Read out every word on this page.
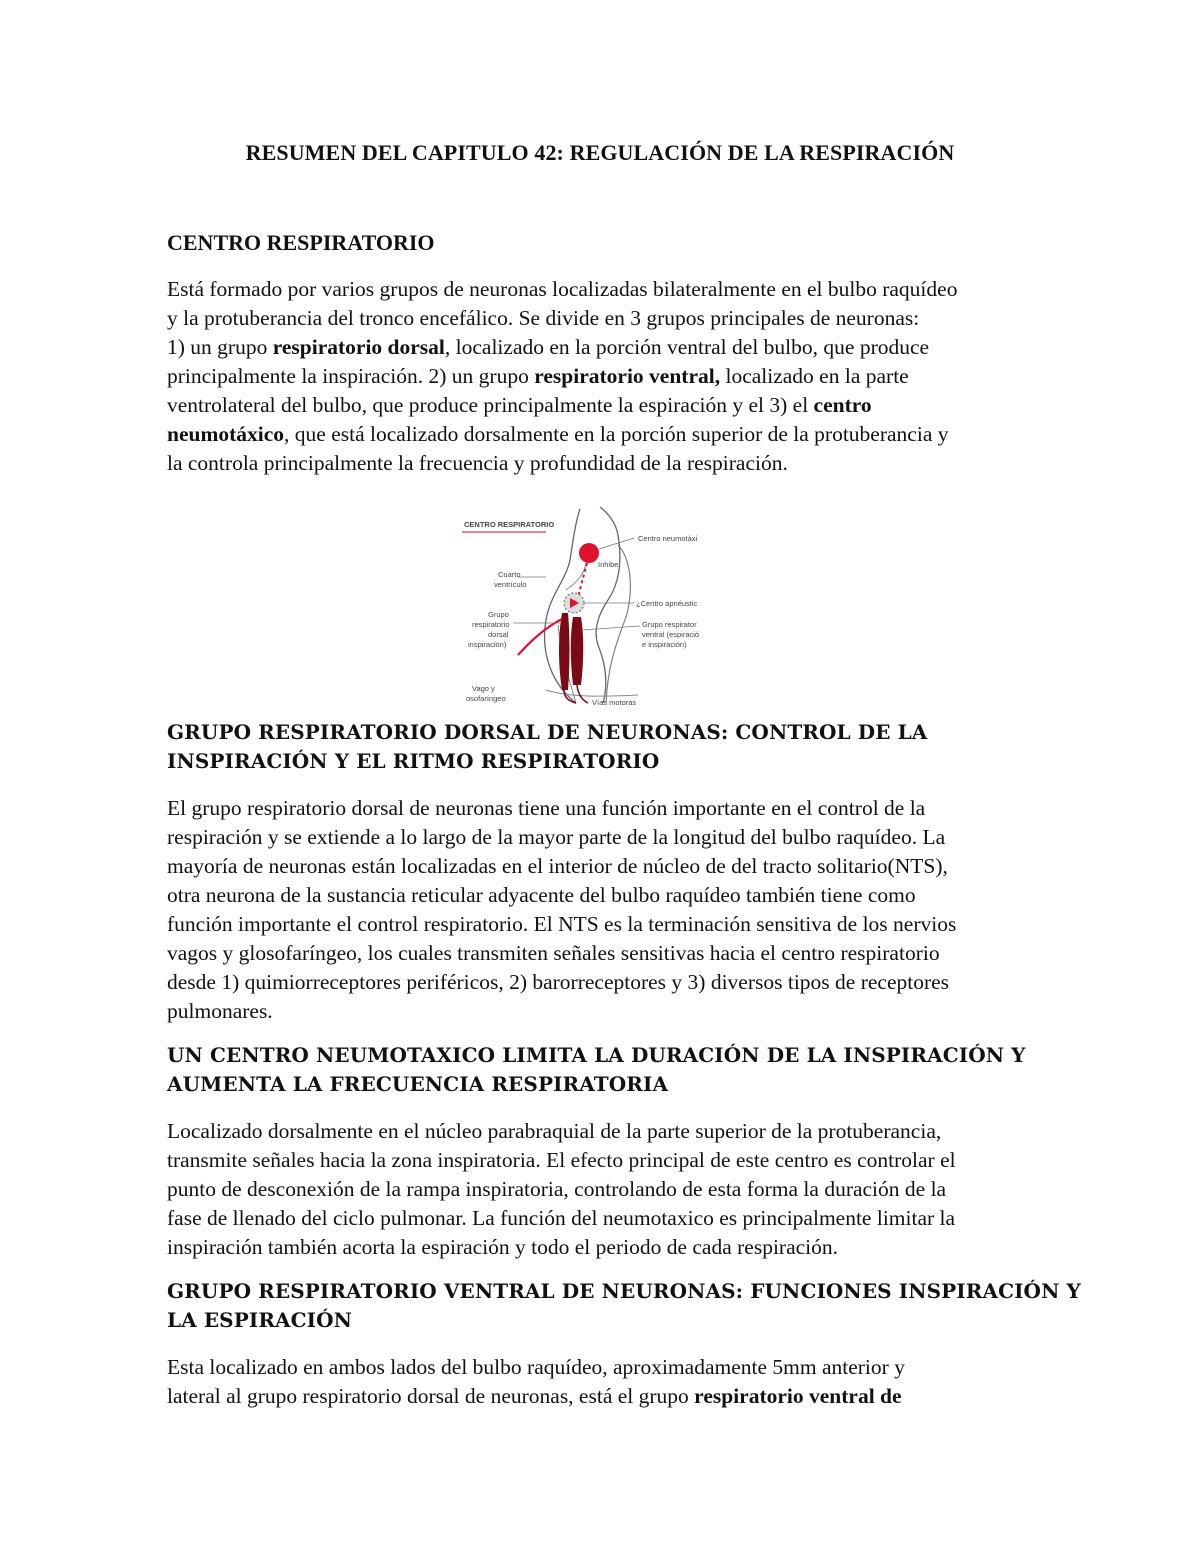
RESUMEN DEL CAPITULO 42: REGULACIÓN DE LA RESPIRACIÓN
CENTRO RESPIRATORIO

Está formado por varios grupos de neuronas localizadas bilateralmente en el bulbo raquídeo
y la protuberancia del tronco encefálico. Se divide en 3 grupos principales de neuronas:
1) un grupo respiratorio dorsal, localizado en la porción ventral del bulbo, que produce
principalmente la inspiración. 2) un grupo respiratorio ventral, localizado en la parte
ventrolateral del bulbo, que produce principalmente la espiración y el 3) el centro
neumotáxico, que está localizado dorsalmente en la porción superior de la protuberancia y
la controla principalmente la frecuencia y profundidad de la respiración.

CENTRO RESPIRATORIO
Centro neumotáxi
Inhibe
Cuarto
ventrículo
¿Centro apnéustic
Grupo
respiratorio
dorsal
inspiración)
Grupo respirator
ventral (espiració
e inspiración)
Vago y
osofaríngeo	Vías motoras
GRUPO RESPIRATORIO DORSAL DE NEURONAS: CONTROL DE LA
INSPIRACIÓN Y EL RITMO RESPIRATORIO

El grupo respiratorio dorsal de neuronas tiene una función importante en el control de la
respiración y se extiende a lo largo de la mayor parte de la longitud del bulbo raquídeo. La
mayoría de neuronas están localizadas en el interior de núcleo de del tracto solitario(NTS),
otra neurona de la sustancia reticular adyacente del bulbo raquídeo también tiene como
función importante el control respiratorio. El NTS es la terminación sensitiva de los nervios
vagos y glosofaríngeo, los cuales transmiten señales sensitivas hacia el centro respiratorio
desde 1) quimiorreceptores periféricos, 2) barorreceptores y 3) diversos tipos de receptores
pulmonares.

UN CENTRO NEUMOTAXICO LIMITA LA DURACIÓN DE LA INSPIRACIÓN Y
AUMENTA LA FRECUENCIA RESPIRATORIA

Localizado dorsalmente en el núcleo parabraquial de la parte superior de la protuberancia,
transmite señales hacia la zona inspiratoria. El efecto principal de este centro es controlar el
punto de desconexión de la rampa inspiratoria, controlando de esta forma la duración de la
fase de llenado del ciclo pulmonar. La función del neumotaxico es principalmente limitar la
inspiración también acorta la espiración y todo el periodo de cada respiración.

GRUPO RESPIRATORIO VENTRAL DE NEURONAS: FUNCIONES INSPIRACIÓN Y
LA ESPIRACIÓN

Esta localizado en ambos lados del bulbo raquídeo, aproximadamente 5mm anterior y
lateral al grupo respiratorio dorsal de neuronas, está el grupo respiratorio ventral de
